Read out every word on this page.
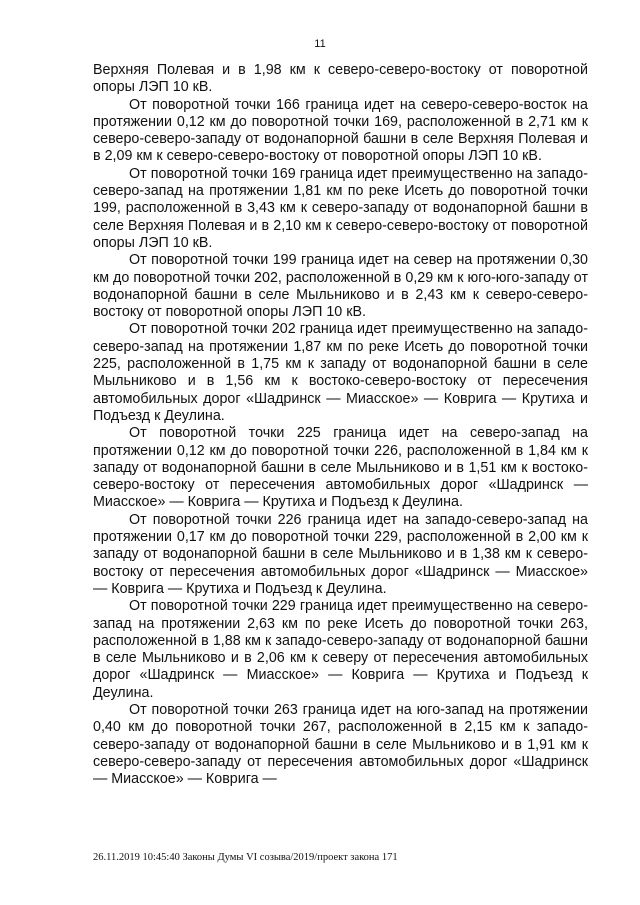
11

Верхняя Полевая и в 1,98 км к северо-северо-востоку от поворотной опоры ЛЭП 10 кВ.

От поворотной точки 166 граница идет на северо-северо-восток на протяжении 0,12 км до поворотной точки 169, расположенной в 2,71 км к северо-северо-западу от водонапорной башни в селе Верхняя Полевая и в 2,09 км к северо-северо-востоку от поворотной опоры ЛЭП 10 кВ.

От поворотной точки 169 граница идет преимущественно на западо-северо-запад на протяжении 1,81 км по реке Исеть до поворотной точки 199, расположенной в 3,43 км к северо-западу от водонапорной башни в селе Верхняя Полевая и в 2,10 км к северо-северо-востоку от поворотной опоры ЛЭП 10 кВ.

От поворотной точки 199 граница идет на север на протяжении 0,30 км до поворотной точки 202, расположенной в 0,29 км к юго-юго-западу от водонапорной башни в селе Мыльниково и в 2,43 км к северо-северо-востоку от поворотной опоры ЛЭП 10 кВ.

От поворотной точки 202 граница идет преимущественно на западо-северо-запад на протяжении 1,87 км по реке Исеть до поворотной точки 225, расположенной в 1,75 км к западу от водонапорной башни в селе Мыльниково и в 1,56 км к востоко-северо-востоку от пересечения автомобильных дорог «Шадринск — Миасское» — Коврига — Крутиха и Подъезд к Деулина.

От поворотной точки 225 граница идет на северо-запад на протяжении 0,12 км до поворотной точки 226, расположенной в 1,84 км к западу от водонапорной башни в селе Мыльниково и в 1,51 км к востоко-северо-востоку от пересечения автомобильных дорог «Шадринск — Миасское» — Коврига — Крутиха и Подъезд к Деулина.

От поворотной точки 226 граница идет на западо-северо-запад на протяжении 0,17 км до поворотной точки 229, расположенной в 2,00 км к западу от водонапорной башни в селе Мыльниково и в 1,38 км к северо-востоку от пересечения автомобильных дорог «Шадринск — Миасское» — Коврига — Крутиха и Подъезд к Деулина.

От поворотной точки 229 граница идет преимущественно на северо-запад на протяжении 2,63 км по реке Исеть до поворотной точки 263, расположенной в 1,88 км к западо-северо-западу от водонапорной башни в селе Мыльниково и в 2,06 км к северу от пересечения автомобильных дорог «Шадринск — Миасское» — Коврига — Крутиха и Подъезд к Деулина.

От поворотной точки 263 граница идет на юго-запад на протяжении 0,40 км до поворотной точки 267, расположенной в 2,15 км к западо-северо-западу от водонапорной башни в селе Мыльниково и в 1,91 км к северо-северо-западу от пересечения автомобильных дорог «Шадринск — Миасское» — Коврига —

26.11.2019 10:45:40 Законы Думы VI созыва/2019/проект закона 171
